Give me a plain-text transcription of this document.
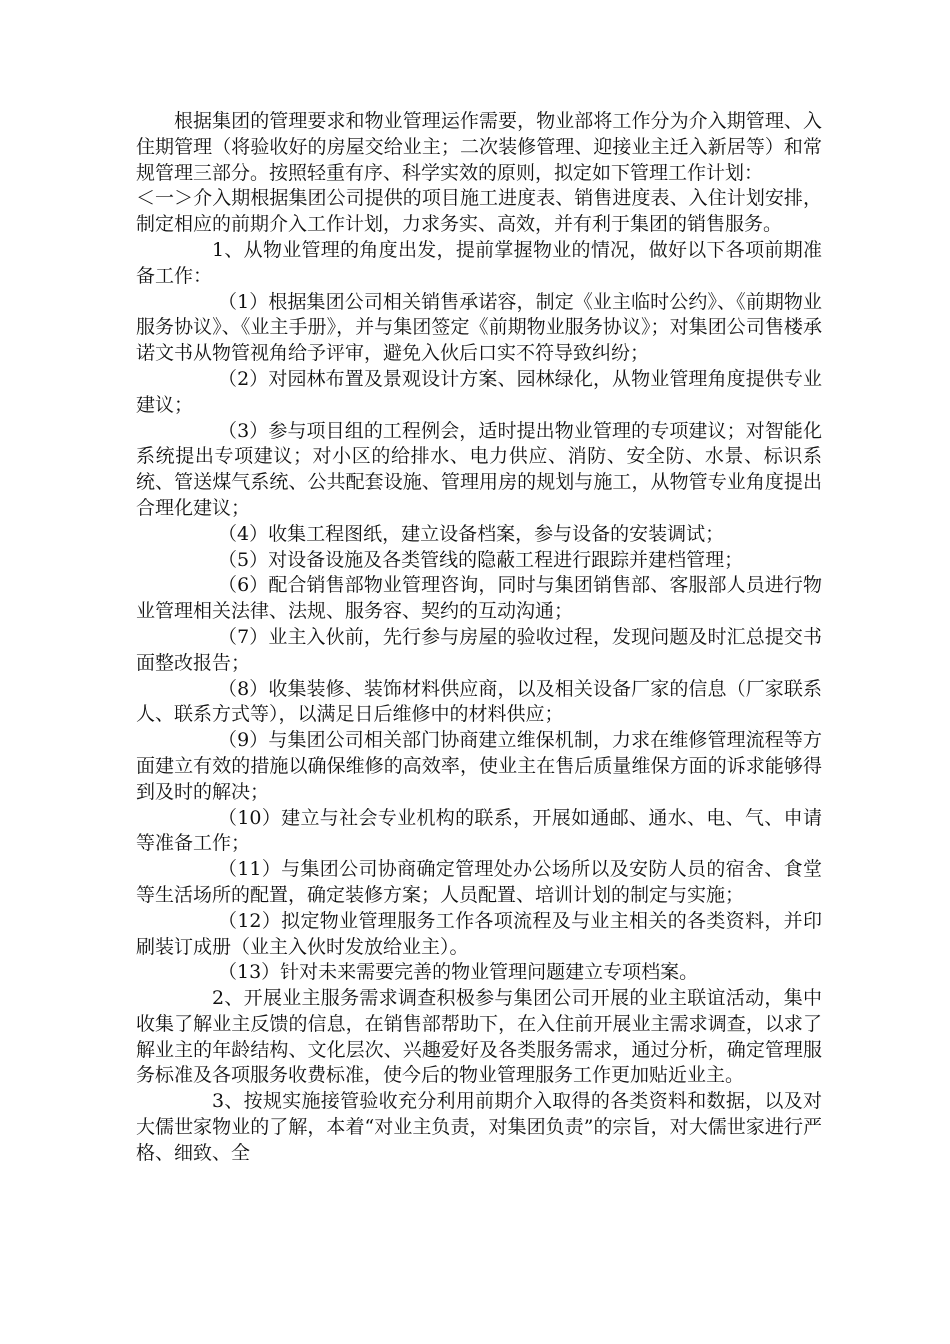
根据集团的管理要求和物业管理运作需要，物业部将工作分为介入期管理、入住期管理（将验收好的房屋交给业主；二次装修管理、迎接业主迁入新居等）和常规管理三部分。按照轻重有序、科学实效的原则，拟定如下管理工作计划：

＜一＞介入期根据集团公司提供的项目施工进度表、销售进度表、入住计划安排，制定相应的前期介入工作计划，力求务实、高效，并有利于集团的销售服务。

1、从物业管理的角度出发，提前掌握物业的情况，做好以下各项前期准备工作：

（1）根据集团公司相关销售承诺容，制定《业主临时公约》、《前期物业服务协议》、《业主手册》，并与集团签定《前期物业服务协议》；对集团公司售楼承诺文书从物管视角给予评审，避免入伙后口实不符导致纠纷；

（2）对园林布置及景观设计方案、园林绿化，从物业管理角度提供专业建议；

（3）参与项目组的工程例会，适时提出物业管理的专项建议；对智能化系统提出专项建议；对小区的给排水、电力供应、消防、安全防、水景、标识系统、管送煤气系统、公共配套设施、管理用房的规划与施工，从物管专业角度提出合理化建议；

（4）收集工程图纸，建立设备档案，参与设备的安装调试；

（5）对设备设施及各类管线的隐蔽工程进行跟踪并建档管理；

（6）配合销售部物业管理咨询，同时与集团销售部、客服部人员进行物业管理相关法律、法规、服务容、契约的互动沟通；

（7）业主入伙前，先行参与房屋的验收过程，发现问题及时汇总提交书面整改报告；

（8）收集装修、装饰材料供应商，以及相关设备厂家的信息（厂家联系人、联系方式等），以满足日后维修中的材料供应；

（9）与集团公司相关部门协商建立维保机制，力求在维修管理流程等方面建立有效的措施以确保维修的高效率，使业主在售后质量维保方面的诉求能够得到及时的解决；

（10）建立与社会专业机构的联系，开展如通邮、通水、电、气、申请等准备工作；

（11）与集团公司协商确定管理处办公场所以及安防人员的宿舍、食堂等生活场所的配置，确定装修方案；人员配置、培训计划的制定与实施；

（12）拟定物业管理服务工作各项流程及与业主相关的各类资料，并印刷装订成册（业主入伙时发放给业主）。

（13）针对未来需要完善的物业管理问题建立专项档案。

2、开展业主服务需求调查积极参与集团公司开展的业主联谊活动，集中收集了解业主反馈的信息，在销售部帮助下，在入住前开展业主需求调查，以求了解业主的年龄结构、文化层次、兴趣爱好及各类服务需求，通过分析，确定管理服务标准及各项服务收费标准，使今后的物业管理服务工作更加贴近业主。

3、按规实施接管验收充分利用前期介入取得的各类资料和数据，以及对大儒世家物业的了解，本着“对业主负责，对集团负责”的宗旨，对大儒世家进行严格、细致、全
